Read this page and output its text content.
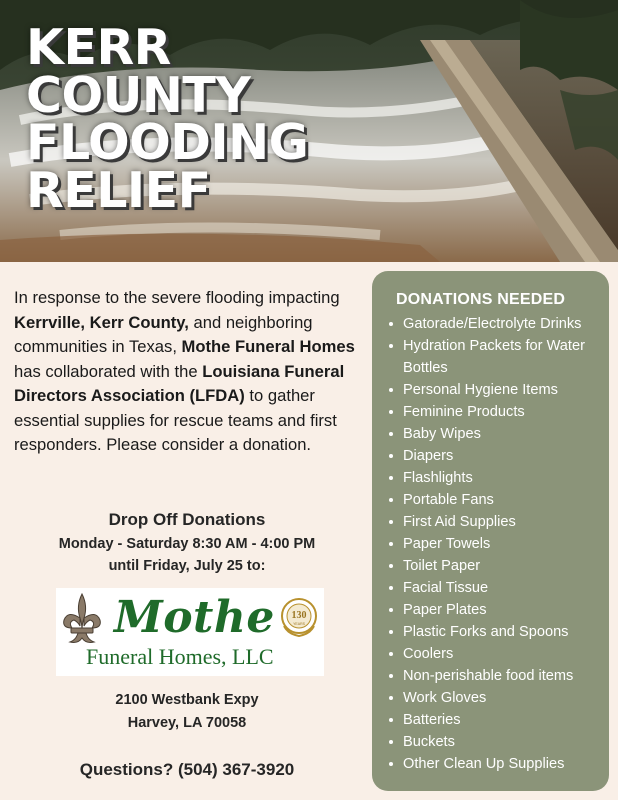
KERR
COUNTY
FLOODING
RELIEF

In response to the severe flooding impacting Kerrville, Kerr County, and neighboring communities in Texas, Mothe Funeral Homes has collaborated with the Louisiana Funeral Directors Association (LFDA) to gather essential supplies for rescue teams and first responders. Please consider a donation.

Drop Off Donations
Monday - Saturday 8:30 AM - 4:00 PM
until Friday, July 25 to:
130
YEARS
Mothe
Funeral Homes, LLC
2100 Westbank Expy
Harvey, LA 70058
Questions? (504) 367-3920
DONATIONS NEEDED
Gatorade/Electrolyte Drinks
Hydration Packets for Water Bottles
Personal Hygiene Items
Feminine Products
Baby Wipes
Diapers
Flashlights
Portable Fans
First Aid Supplies
Paper Towels
Toilet Paper
Facial Tissue
Paper Plates
Plastic Forks and Spoons
Coolers
Non-perishable food items
Work Gloves
Batteries
Buckets
Other Clean Up Supplies
